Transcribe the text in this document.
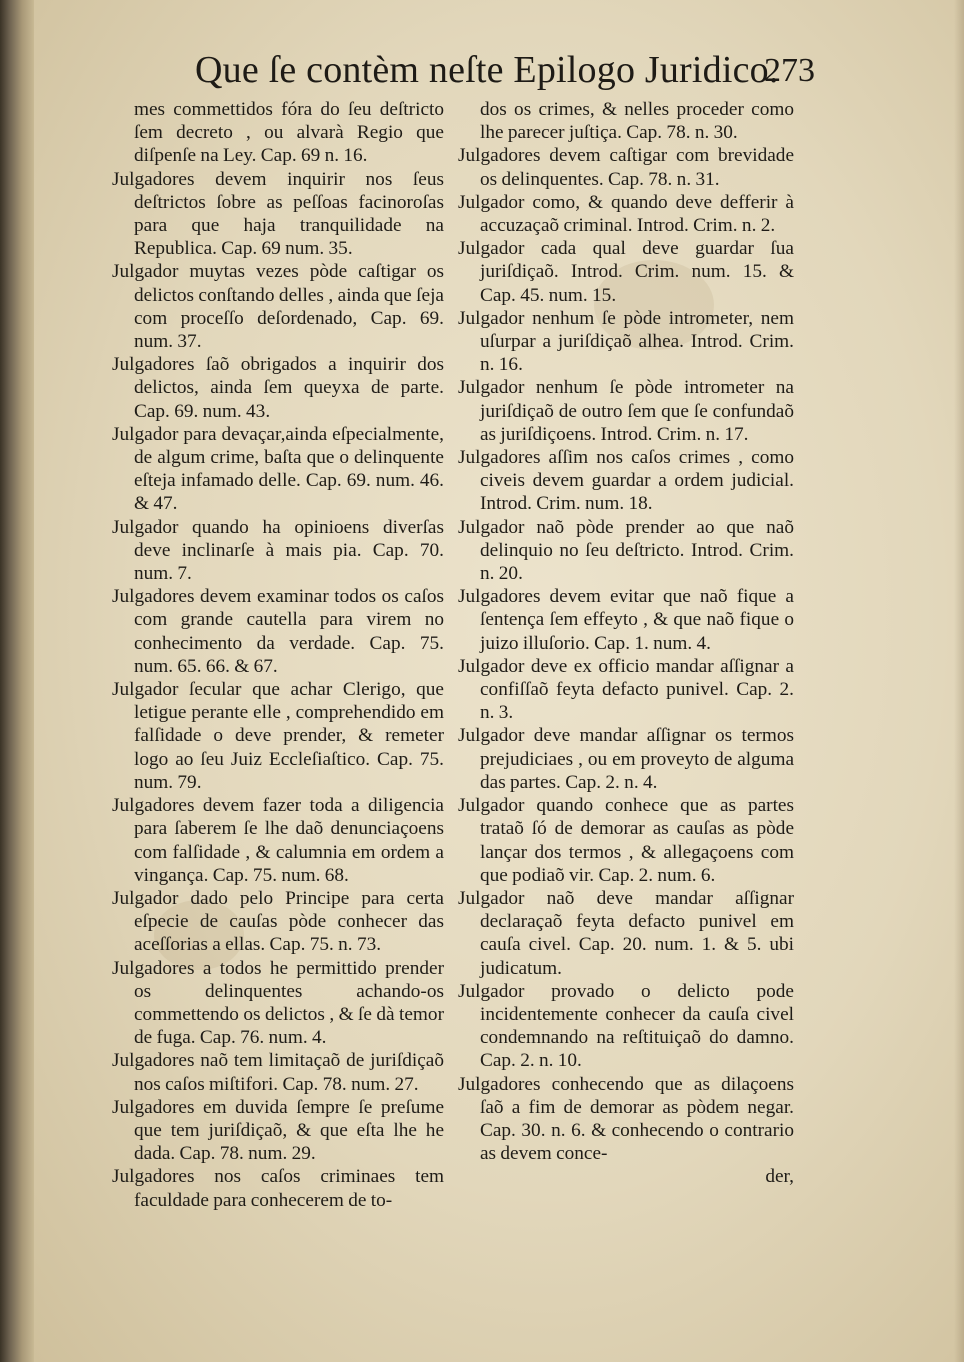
Que ſe contèm neſte Epilogo Juridico.
273

mes commettidos fóra do ſeu deſtricto ſem decreto , ou alvarà Regio que diſpenſe na Ley. Cap. 69 n. 16.

Julgadores devem inquirir nos ſeus deſtrictos ſobre as peſſoas facinoroſas para que haja tranquilidade na Republica. Cap. 69 num. 35.

Julgador muytas vezes pòde caſtigar os delictos conſtando delles , ainda que ſeja com proceſſo deſordenado, Cap. 69. num. 37.

Julgadores ſaõ obrigados a inquirir dos delictos, ainda ſem queyxa de parte. Cap. 69. num. 43.

Julgador para devaçar,ainda eſpecialmente, de algum crime, baſta que o delinquente eſteja infamado delle. Cap. 69. num. 46. & 47.

Julgador quando ha opinioens diverſas deve inclinarſe à mais pia. Cap. 70. num. 7.

Julgadores devem examinar todos os caſos com grande cautella para virem no conhecimento da verdade. Cap. 75. num. 65. 66. & 67.

Julgador ſecular que achar Clerigo, que letigue perante elle , comprehendido em falſidade o deve prender, & remeter logo ao ſeu Juiz Eccleſiaſtico. Cap. 75. num. 79.

Julgadores devem fazer toda a diligencia para ſaberem ſe lhe daõ denunciaçoens com falſidade , & calumnia em ordem a vingança. Cap. 75. num. 68.

Julgador dado pelo Principe para certa eſpecie de cauſas pòde conhecer das aceſſorias a ellas. Cap. 75. n. 73.

Julgadores a todos he permittido prender os delinquentes achando-os commettendo os delictos , & ſe dà temor de fuga. Cap. 76. num. 4.

Julgadores naõ tem limitaçaõ de juriſdiçaõ nos caſos miſtifori. Cap. 78. num. 27.

Julgadores em duvida ſempre ſe preſume que tem juriſdiçaõ, & que eſta lhe he dada. Cap. 78. num. 29.

Julgadores nos caſos criminaes tem faculdade para conhecerem de to-

dos os crimes, & nelles proceder como lhe parecer juſtiça. Cap. 78. n. 30.

Julgadores devem caſtigar com brevidade os delinquentes. Cap. 78. n. 31.

Julgador como, & quando deve defferir à accuzaçaõ criminal. Introd. Crim. n. 2.

Julgador cada qual deve guardar ſua juriſdiçaõ. Introd. Crim. num. 15. & Cap. 45. num. 15.

Julgador nenhum ſe pòde intrometer, nem uſurpar a juriſdiçaõ alhea. Introd. Crim. n. 16.

Julgador nenhum ſe pòde intrometer na juriſdiçaõ de outro ſem que ſe confundaõ as juriſdiçoens. Introd. Crim. n. 17.

Julgadores aſſim nos caſos crimes , como civeis devem guardar a ordem judicial. Introd. Crim. num. 18.

Julgador naõ pòde prender ao que naõ delinquio no ſeu deſtricto. Introd. Crim. n. 20.

Julgadores devem evitar que naõ fique a ſentença ſem effeyto , & que naõ fique o juizo illuſorio. Cap. 1. num. 4.

Julgador deve ex officio mandar aſſignar a confiſſaõ feyta defacto punivel. Cap. 2. n. 3.

Julgador deve mandar aſſignar os termos prejudiciaes , ou em proveyto de alguma das partes. Cap. 2. n. 4.

Julgador quando conhece que as partes trataõ ſó de demorar as cauſas as pòde lançar dos termos , & allegaçoens com que podiaõ vir. Cap. 2. num. 6.

Julgador naõ deve mandar aſſignar declaraçaõ feyta defacto punivel em cauſa civel. Cap. 20. num. 1. & 5. ubi judicatum.

Julgador provado o delicto pode incidentemente conhecer da cauſa civel condemnando na reſtituiçaõ do damno. Cap. 2. n. 10.

Julgadores conhecendo que as dilaçoens ſaõ a fim de demorar as pòdem negar. Cap. 30. n. 6. & conhecendo o contrario as devem conce-

der,
